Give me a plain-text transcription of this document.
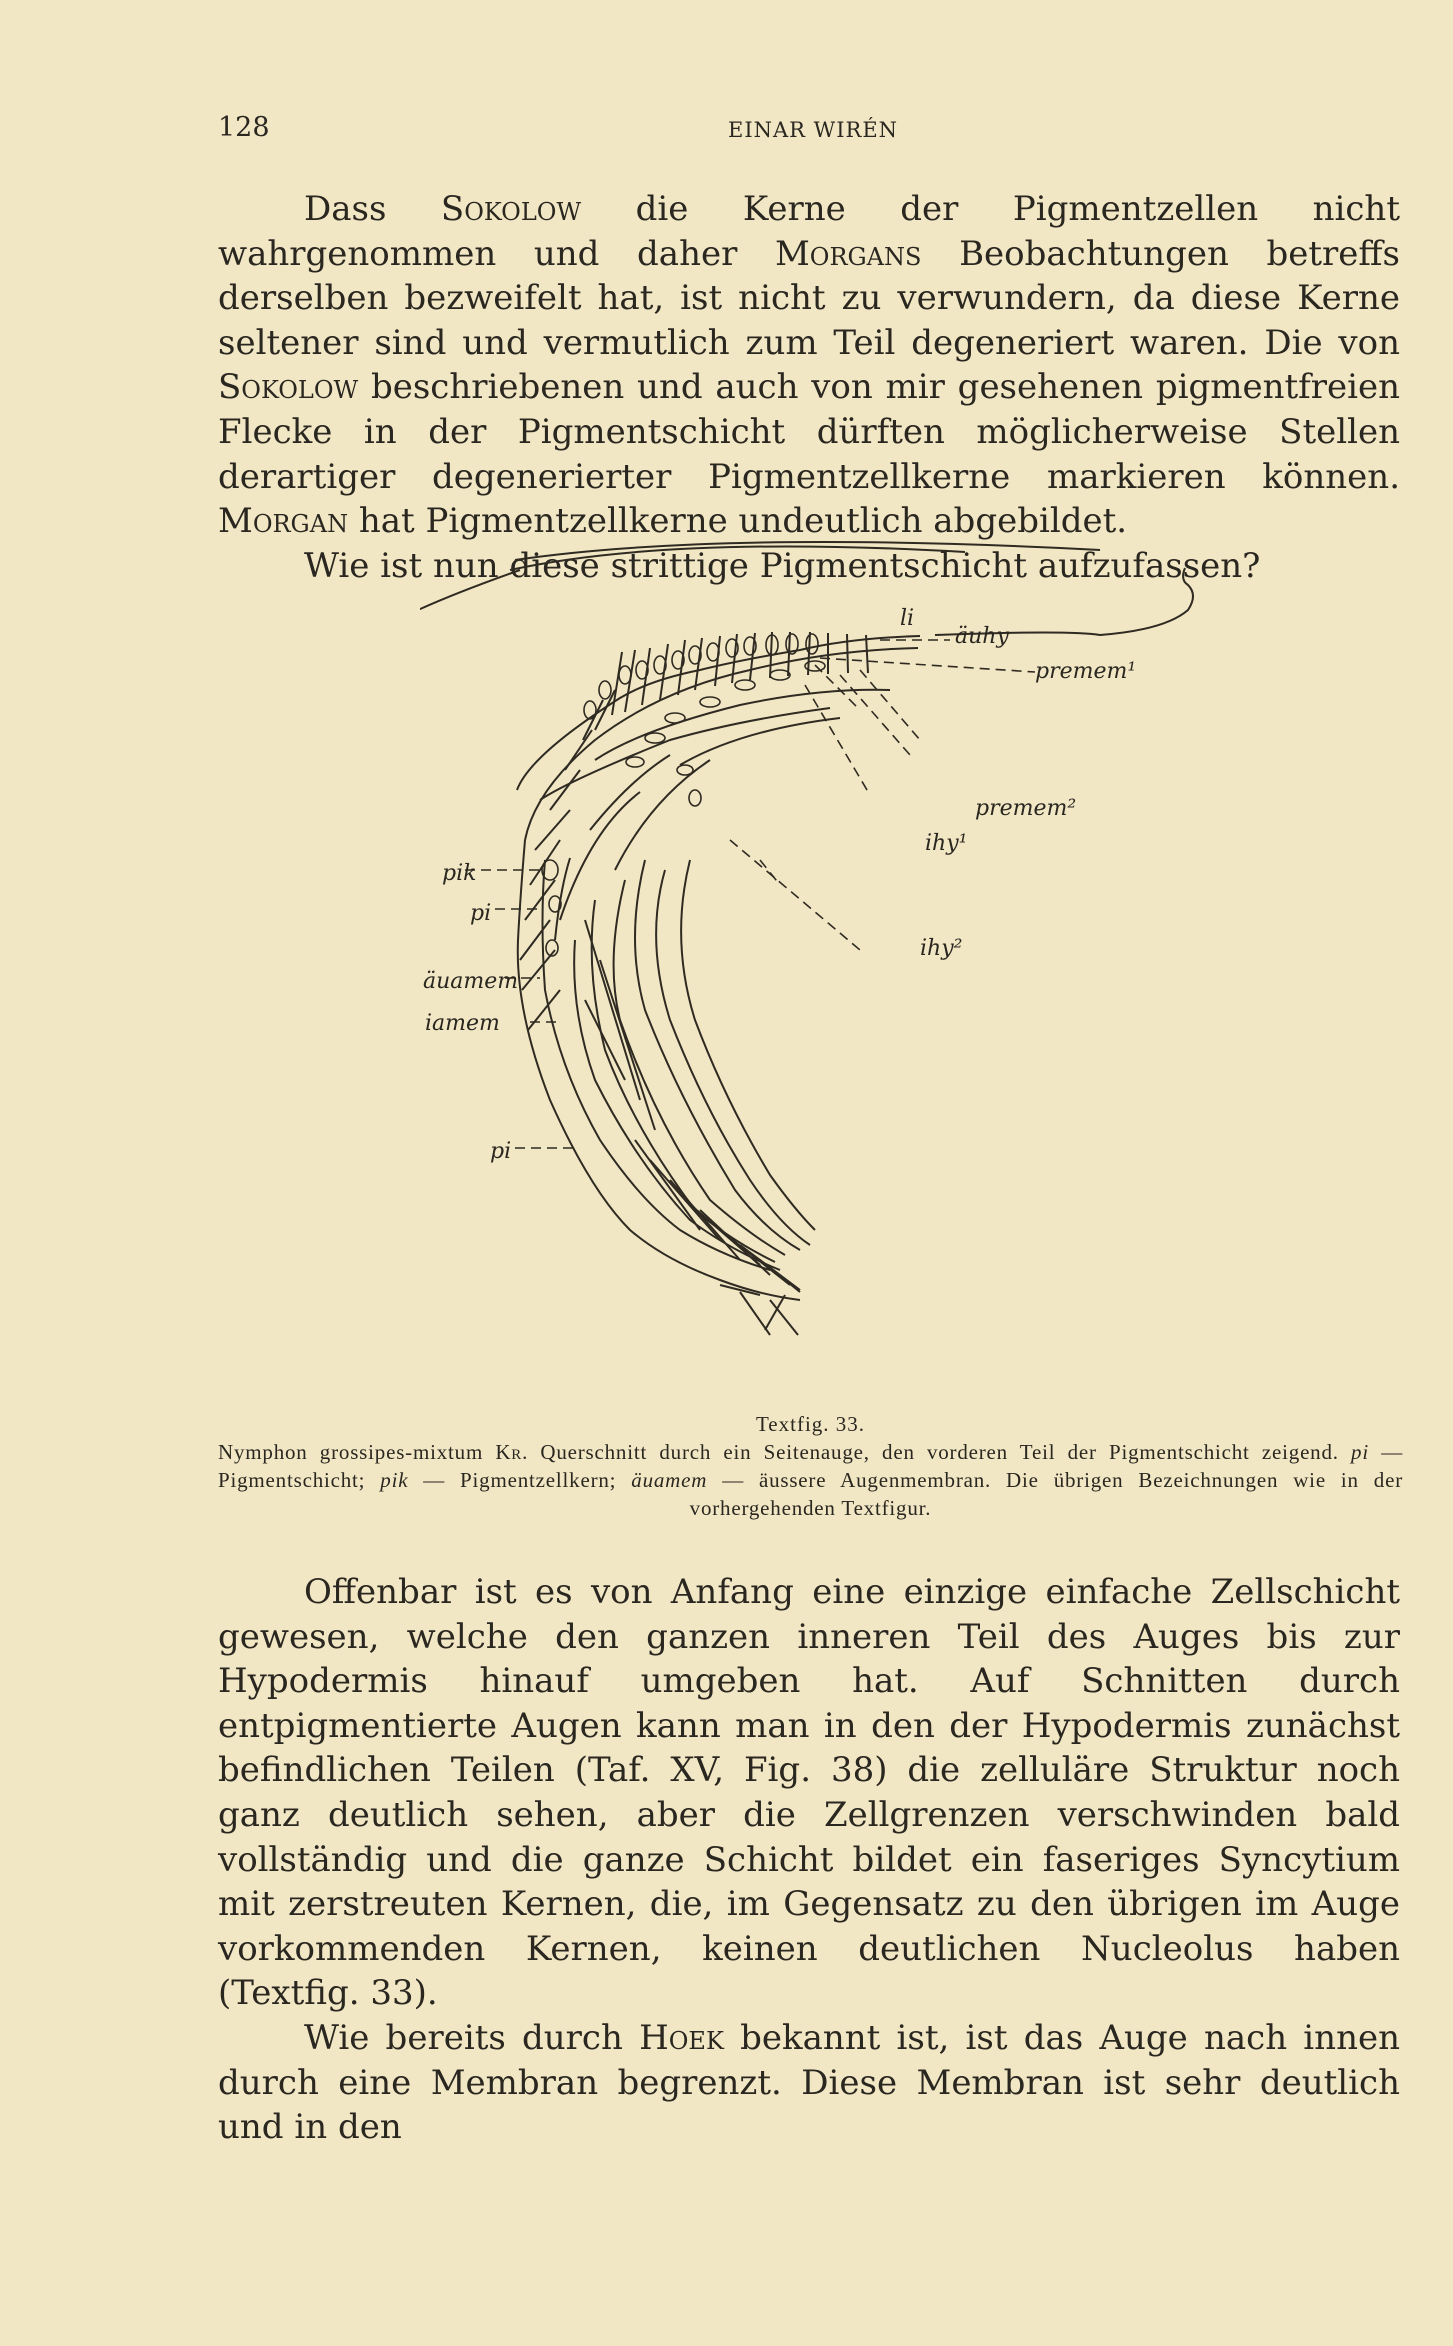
128	EINAR WIRÉN

Dass Sokolow die Kerne der Pigmentzellen nicht wahrgenommen und daher Morgans Beobachtungen betreffs derselben bezweifelt hat, ist nicht zu verwundern, da diese Kerne seltener sind und vermutlich zum Teil degeneriert waren. Die von Sokolow beschriebenen und auch von mir gesehenen pigmentfreien Flecke in der Pigmentschicht dürften möglicherweise Stellen derartiger degenerierter Pigmentzellkerne markieren können. Morgan hat Pigmentzellkerne undeutlich abgebildet.

Wie ist nun diese strittige Pigmentschicht aufzufassen?

li
äuhy
premem¹
premem²
ihy¹
ihy²
pik
pi
äuamem
iamem
pi
Textfig. 33.
Nymphon grossipes-mixtum Kr. Querschnitt durch ein Seitenauge, den vorderen Teil der Pigmentschicht zeigend. pi — Pigmentschicht; pik — Pigmentzellkern; äuamem — äussere Augenmembran. Die übrigen Bezeichnungen wie in der vorhergehenden Textfigur.

Offenbar ist es von Anfang eine einzige einfache Zellschicht gewesen, welche den ganzen inneren Teil des Auges bis zur Hypodermis hinauf umgeben hat. Auf Schnitten durch entpigmentierte Augen kann man in den der Hypodermis zunächst befindlichen Teilen (Taf. XV, Fig. 38) die zelluläre Struktur noch ganz deutlich sehen, aber die Zellgrenzen verschwinden bald vollständig und die ganze Schicht bildet ein faseriges Syncytium mit zerstreuten Kernen, die, im Gegensatz zu den übrigen im Auge vorkommenden Kernen, keinen deutlichen Nucleolus haben (Textfig. 33).

Wie bereits durch Hoek bekannt ist, ist das Auge nach innen durch eine Membran begrenzt. Diese Membran ist sehr deutlich und in den
